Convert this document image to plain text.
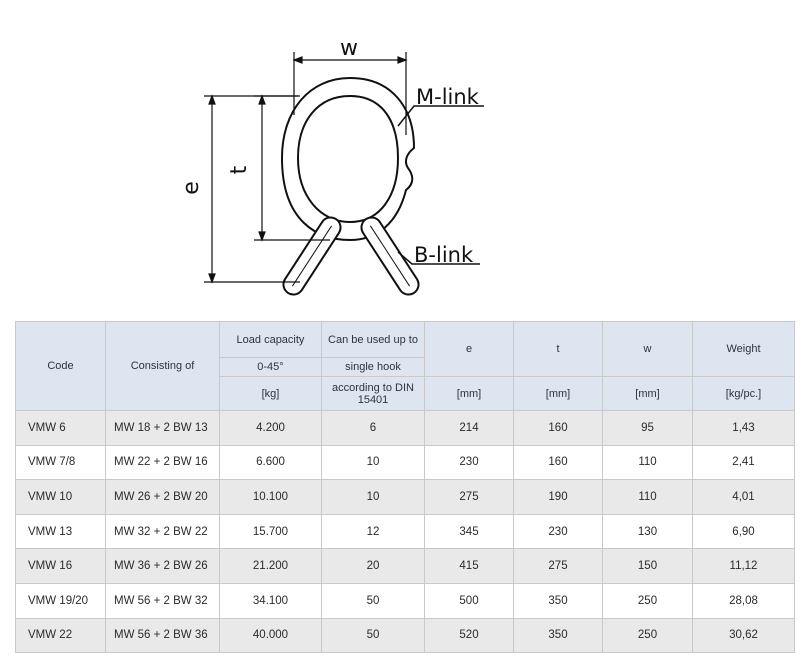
w
t
e
M-link
B-link
Code	Consisting of	Load capacity	Can be used up to	e	t	w	Weight
		0-45°	single hook				
		[kg]	according to DIN 15401	[mm]	[mm]	[mm]	[kg/pc.]
VMW 6	MW 18 + 2 BW 13	4.200	6	214	160	95	1,43
VMW 7/8	MW 22 + 2 BW 16	6.600	10	230	160	110	2,41
VMW 10	MW 26 + 2 BW 20	10.100	10	275	190	110	4,01
VMW 13	MW 32 + 2 BW 22	15.700	12	345	230	130	6,90
VMW 16	MW 36 + 2 BW 26	21.200	20	415	275	150	11,12
VMW 19/20	MW 56 + 2 BW 32	34.100	50	500	350	250	28,08
VMW 22	MW 56 + 2 BW 36	40.000	50	520	350	250	30,62
